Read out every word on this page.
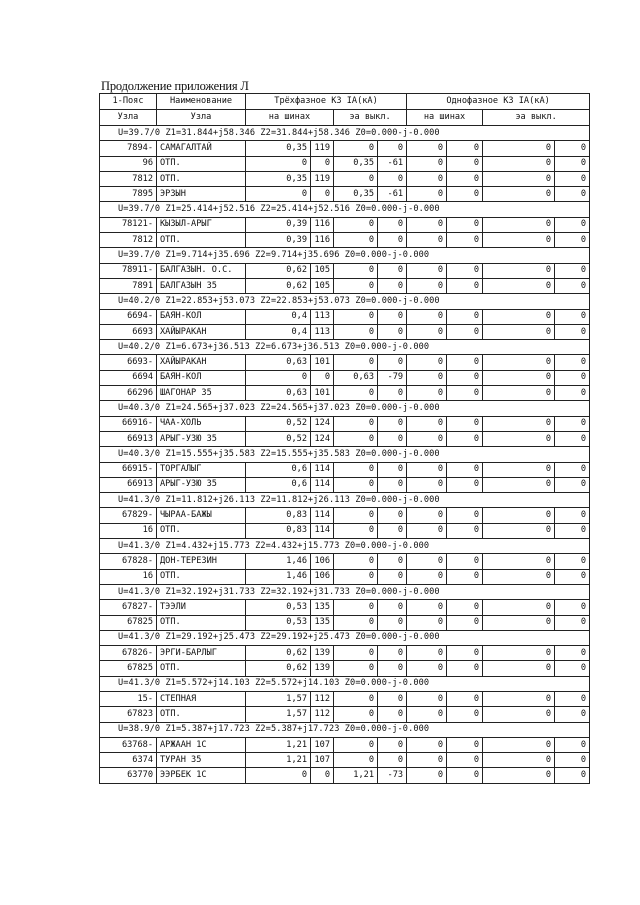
Продолжение приложения Л
1-Пояс	Наименование	Трёхфазное КЗ IA(кА)				Однофазное КЗ IA(кА)			
Узла	Узла	на шинах		эа выкл.		на шинах		эа выкл.	
U=39.7/0 Z1=31.844+j58.346 Z2=31.844+j58.346 Z0=0.000-j-0.000									
7894-	САМАГАЛТАЙ	0,35	119	0	0	0	0	0	0
96	ОТП.	0	0	0,35	-61	0	0	0	0
7812	ОТП.	0,35	119	0	0	0	0	0	0
7895	ЭРЗЫН	0	0	0,35	-61	0	0	0	0
U=39.7/0 Z1=25.414+j52.516 Z2=25.414+j52.516 Z0=0.000-j-0.000									
78121-	КЫЗЫЛ-АРЫГ	0,39	116	0	0	0	0	0	0
7812	ОТП.	0,39	116	0	0	0	0	0	0
U=39.7/0 Z1=9.714+j35.696 Z2=9.714+j35.696 Z0=0.000-j-0.000									
78911-	БАЛГАЗЫН. О.С.	0,62	105	0	0	0	0	0	0
7891	БАЛГАЗЫН 35	0,62	105	0	0	0	0	0	0
U=40.2/0 Z1=22.853+j53.073 Z2=22.853+j53.073 Z0=0.000-j-0.000									
6694-	БАЯН-КОЛ	0,4	113	0	0	0	0	0	0
6693	ХАЙЫРАКАН	0,4	113	0	0	0	0	0	0
U=40.2/0 Z1=6.673+j36.513 Z2=6.673+j36.513 Z0=0.000-j-0.000									
6693-	ХАЙЫРАКАН	0,63	101	0	0	0	0	0	0
6694	БАЯН-КОЛ	0	0	0,63	-79	0	0	0	0
66296	ШАГОНАР 35	0,63	101	0	0	0	0	0	0
U=40.3/0 Z1=24.565+j37.023 Z2=24.565+j37.023 Z0=0.000-j-0.000									
66916-	ЧАА-ХОЛЬ	0,52	124	0	0	0	0	0	0
66913	АРЫГ-УЗЮ 35	0,52	124	0	0	0	0	0	0
U=40.3/0 Z1=15.555+j35.583 Z2=15.555+j35.583 Z0=0.000-j-0.000									
66915-	ТОРГАЛЫГ	0,6	114	0	0	0	0	0	0
66913	АРЫГ-УЗЮ 35	0,6	114	0	0	0	0	0	0
U=41.3/0 Z1=11.812+j26.113 Z2=11.812+j26.113 Z0=0.000-j-0.000									
67829-	ЧЫРАА-БАЖЫ	0,83	114	0	0	0	0	0	0
16	ОТП.	0,83	114	0	0	0	0	0	0
U=41.3/0 Z1=4.432+j15.773 Z2=4.432+j15.773 Z0=0.000-j-0.000									
67828-	ДОН-ТЕРЕЗИН	1,46	106	0	0	0	0	0	0
16	ОТП.	1,46	106	0	0	0	0	0	0
U=41.3/0 Z1=32.192+j31.733 Z2=32.192+j31.733 Z0=0.000-j-0.000									
67827-	ТЭЭЛИ	0,53	135	0	0	0	0	0	0
67825	ОТП.	0,53	135	0	0	0	0	0	0
U=41.3/0 Z1=29.192+j25.473 Z2=29.192+j25.473 Z0=0.000-j-0.000									
67826-	ЭРГИ-БАРЛЫГ	0,62	139	0	0	0	0	0	0
67825	ОТП.	0,62	139	0	0	0	0	0	0
U=41.3/0 Z1=5.572+j14.103 Z2=5.572+j14.103 Z0=0.000-j-0.000									
15-	СТЕПНАЯ	1,57	112	0	0	0	0	0	0
67823	ОТП.	1,57	112	0	0	0	0	0	0
U=38.9/0 Z1=5.387+j17.723 Z2=5.387+j17.723 Z0=0.000-j-0.000									
63768-	АРЖААН 1С	1,21	107	0	0	0	0	0	0
6374	ТУРАН 35	1,21	107	0	0	0	0	0	0
63770	ЭЭРБЕК 1С	0	0	1,21	-73	0	0	0	0
